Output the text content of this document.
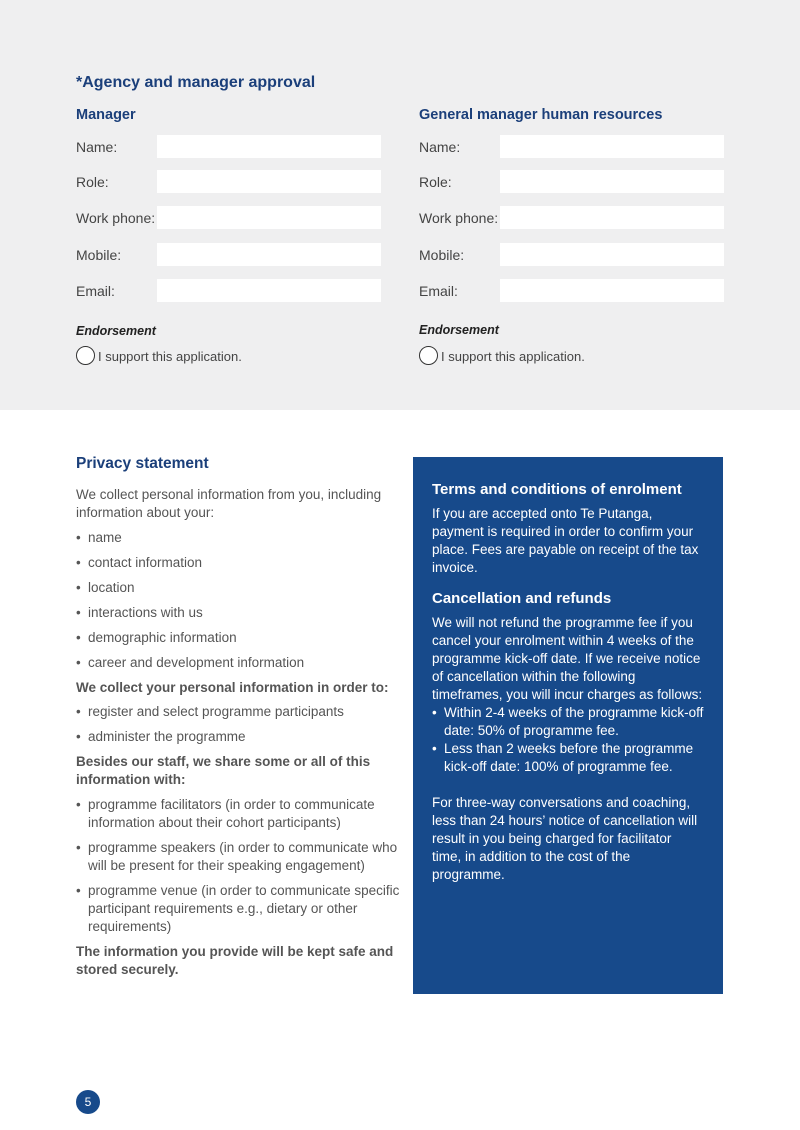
*Agency and manager approval
Manager
Name:
Role:
Work phone:
Mobile:
Email:
Endorsement
I support this application.
General manager human resources
Name:
Role:
Work phone:
Mobile:
Email:
Endorsement
I support this application.
Privacy statement

We collect personal information from you, including information about your:

• name
• contact information
• location
• interactions with us
• demographic information
• career and development information

We collect your personal information in order to:

• register and select programme participants
• administer the programme

Besides our staff, we share some or all of this information with:

• programme facilitators (in order to communicate information about their cohort participants)
• programme speakers (in order to communicate who will be present for their speaking engagement)
• programme venue (in order to communicate specific participant requirements e.g., dietary or other requirements)

The information you provide will be kept safe and stored securely.

Terms and conditions of enrolment

If you are accepted onto Te Putanga, payment is required in order to confirm your place. Fees are payable on receipt of the tax invoice.

Cancellation and refunds

We will not refund the programme fee if you cancel your enrolment within 4 weeks of the programme kick-off date. If we receive notice of cancellation within the following timeframes, you will incur charges as follows:

• Within 2-4 weeks of the programme kick-off date: 50% of programme fee.
• Less than 2 weeks before the programme kick-off date: 100% of programme fee.

For three-way conversations and coaching, less than 24 hours’ notice of cancellation will result in you being charged for facilitator time, in addition to the cost of the programme.

5
